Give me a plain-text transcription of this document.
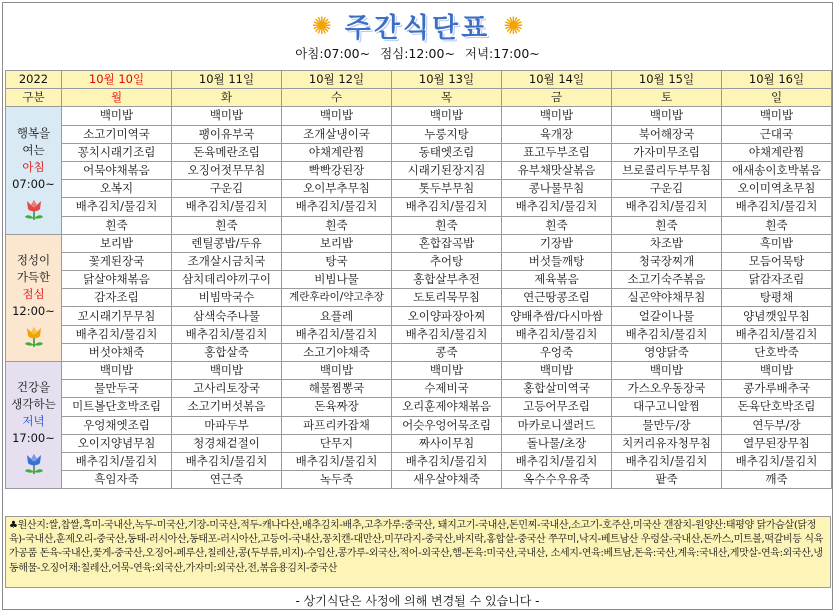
✺ 주간식단표 ✺
아침:07:00~ 점심:12:00~ 저녁:17:00~
2022	10월 10일	10월 11일	10월 12일	10월 13일	10월 14일	10월 15일	10월 16일
구분	월	화	수	목	금	토	일

행복을
여는
아침
07:00~	백미밥	백미밥	백미밥	백미밥	백미밥	백미밥	백미밥
	소고기미역국	팽이유부국	조개살냉이국	누룽지탕	육개장	북어해장국	근대국
	꽁치시래기조림	돈육메란조림	야채계란찜	동태엣조림	표고두부조림	가자미무조림	야채계란찜
	어묵야채볶음	오징어젓무무침	빡빡강된장	시래기된장지짐	유부채맛살볶음	브로콜리두부무침	애새송이호박볶음
	오복지	구운김	오이부추무침	톳두부무침	콩나물무침	구운김	오이미역초무침
	배추김치/물김치	배추김치/물김치	배추김치/물김치	배추김치/물김치	배추김치/물김치	배추김치/물김치	배추김치/물김치
	흰죽	흰죽	흰죽	흰죽	흰죽	흰죽	흰죽

정성이
가득한
점심
12:00~	보리밥	렌틸콩밥/두유	보리밥	혼합잡곡밥	기장밥	차조밥	흑미밥
	꽃게된장국	조개살시금치국	탕국	추어탕	버섯들깨탕	청국장찌개	모듬어묵탕
	닭살야채볶음	삼치데리야끼구이	비빔나물	홍합살부추전	제육볶음	소고기숙주볶음	닭감자조림
	감자조림	비빔막국수	계란후라이/약고추장	도토리묵무침	연근땅콩조림	실곤약야채무침	탕평채
	꼬시래기무무침	삼색숙주나물	요플레	오이양파장아찌	양배추쌈/다시마쌈	얼갈이나물	양념깻잎무침
	배추김치/물김치	배추김치/물김치	배추김치/물김치	배추김치/물김치	배추김치/물김치	배추김치/물김치	배추김치/물김치
	버섯야채죽	홍합살죽	소고기야채죽	콩죽	우엉죽	영양닭죽	단호박죽

건강을
생각하는
저녁
17:00~	백미밥	백미밥	백미밥	백미밥	백미밥	백미밥	백미밥
	물만두국	고사리토장국	해물찜뽕국	수제비국	홍합살미역국	가스오우동장국	콩가루배추국
	미트볼단호박조림	소고기버섯볶음	돈육짜장	오리훈제야채볶음	고등어무조림	대구고니알찜	돈육단호박조림
	우엉채엣조림	마파두부	파프리카잡채	어슷우엉어묵조림	마카로니샐러드	물만두/장	연두부/장
	오이지양념무침	청경채겉절이	단무지	짜사이무침	돌나물/초장	치커리유자청무침	열무된장무침
	배추김치/물김치	배추김치/물김치	배추김치/물김치	배추김치/물김치	배추김치/물김치	배추김치/물김치	배추김치/물김치
	흑임자죽	연근죽	녹두죽	새우살야채죽	옥수수우유죽	팥죽	깨죽
♣원산지:쌀,찹쌀,흑미-국내산,녹두-미국산,기장-미국산,적두-캐나다산,배추김치-배추,고추가루:중국산, 돼지고기-국내산,돈민찌-국내산,소고기-호주산,미국산 갠잠치-원양산:태평양 닭가슴살(닭정육)-국내산,훈제오리-중국산,동태-러시아산,동태포-러시아산,고등어-국내산,꽁치캔-대만산,미꾸라지-중국산,바지락,홍합살-중국산 쭈꾸미,낙지-베트남산 우렁살-국내산,돈까스,미트볼,떡갈비등 식육가공품 돈육-국내산,꽃게-중국산,오징어-페루산,칠레산,콩(두부류,비지)-수입산,콩가루-외국산,적어-외국산,햄-돈육:미국산,국내산, 소세지-연육:베트남,돈육:국산,계육:국내산,게맛살-연육:외국산,냉동해물-오징어채:칠레산,어묵-연육:외국산,가자미:외국산,전,볶음용김치-중국산
- 상기식단은 사정에 의해 변경될 수 있습니다 -
